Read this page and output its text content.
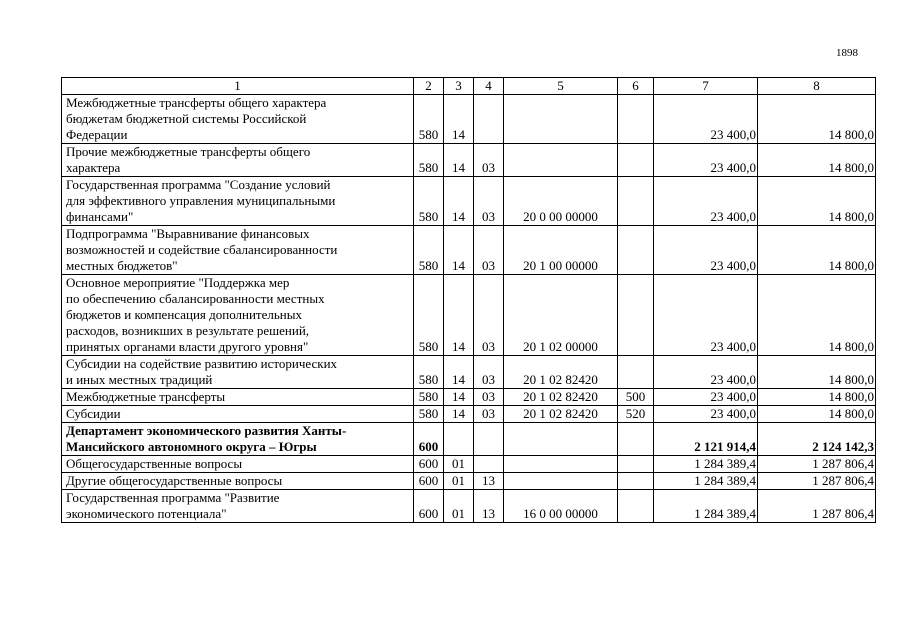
1898
1	2	3	4	5	6	7	8

Межбюджетные трансферты общего характера
бюджетам бюджетной системы Российской
Федерации	580	14				23 400,0	14 800,0

Прочие межбюджетные трансферты общего
характера	580	14	03			23 400,0	14 800,0

Государственная программа "Создание условий
для эффективного управления муниципальными
финансами"	580	14	03	20 0 00 00000		23 400,0	14 800,0

Подпрограмма "Выравнивание финансовых
возможностей и содействие сбалансированности
местных бюджетов"	580	14	03	20 1 00 00000		23 400,0	14 800,0

Основное мероприятие "Поддержка мер
по обеспечению сбалансированности местных
бюджетов и компенсация дополнительных
расходов, возникших в результате решений,
принятых органами власти другого уровня"	580	14	03	20 1 02 00000		23 400,0	14 800,0

Субсидии на содействие развитию исторических
и иных местных традиций	580	14	03	20 1 02 82420		23 400,0	14 800,0

Межбюджетные трансферты	580	14	03	20 1 02 82420	500	23 400,0	14 800,0

Субсидии	580	14	03	20 1 02 82420	520	23 400,0	14 800,0

Департамент экономического развития Ханты-
Мансийского автономного округа – Югры	600					2 121 914,4	2 124 142,3

Общегосударственные вопросы	600	01				1 284 389,4	1 287 806,4

Другие общегосударственные вопросы	600	01	13			1 284 389,4	1 287 806,4

Государственная программа "Развитие
экономического потенциала"	600	01	13	16 0 00 00000		1 284 389,4	1 287 806,4
